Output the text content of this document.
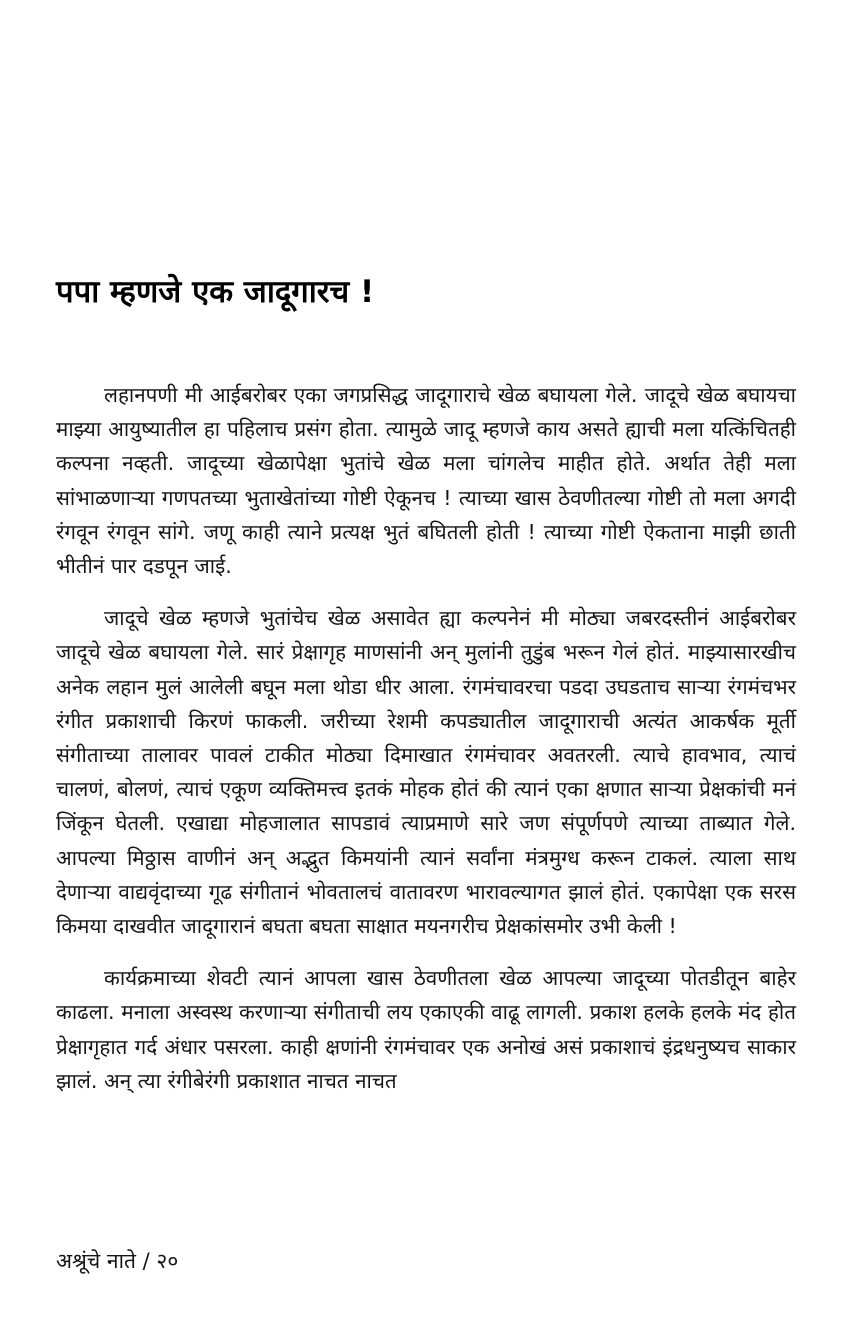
पपा म्हणजे एक जादूगारच !

लहानपणी मी आईबरोबर एका जगप्रसिद्ध जादूगाराचे खेळ बघायला गेले. जादूचे खेळ बघायचा माझ्या आयुष्यातील हा पहिलाच प्रसंग होता. त्यामुळे जादू म्हणजे काय असते ह्याची मला यत्किंचितही कल्पना नव्हती. जादूच्या खेळापेक्षा भुतांचे खेळ मला चांगलेच माहीत होते. अर्थात तेही मला सांभाळणाऱ्या गणपतच्या भुताखेतांच्या गोष्टी ऐकूनच ! त्याच्या खास ठेवणीतल्या गोष्टी तो मला अगदी रंगवून रंगवून सांगे. जणू काही त्याने प्रत्यक्ष भुतं बघितली होती ! त्याच्या गोष्टी ऐकताना माझी छाती भीतीनं पार दडपून जाई.

जादूचे खेळ म्हणजे भुतांचेच खेळ असावेत ह्या कल्पनेनं मी मोठ्या जबरदस्तीनं आईबरोबर जादूचे खेळ बघायला गेले. सारं प्रेक्षागृह माणसांनी अन् मुलांनी तुडुंब भरून गेलं होतं. माझ्यासारखीच अनेक लहान मुलं आलेली बघून मला थोडा धीर आला. रंगमंचावरचा पडदा उघडताच साऱ्या रंगमंचभर रंगीत प्रकाशाची किरणं फाकली. जरीच्या रेशमी कपड्यातील जादूगाराची अत्यंत आकर्षक मूर्ती संगीताच्या तालावर पावलं टाकीत मोठ्या दिमाखात रंगमंचावर अवतरली. त्याचे हावभाव, त्याचं चालणं, बोलणं, त्याचं एकूण व्यक्तिमत्त्व इतकं मोहक होतं की त्यानं एका क्षणात साऱ्या प्रेक्षकांची मनं जिंकून घेतली. एखाद्या मोहजालात सापडावं त्याप्रमाणे सारे जण संपूर्णपणे त्याच्या ताब्यात गेले. आपल्या मिठ्ठास वाणीनं अन् अद्भुत किमयांनी त्यानं सर्वांना मंत्रमुग्ध करून टाकलं. त्याला साथ देणाऱ्या वाद्यवृंदाच्या गूढ संगीतानं भोवतालचं वातावरण भारावल्यागत झालं होतं. एकापेक्षा एक सरस किमया दाखवीत जादूगारानं बघता बघता साक्षात मयनगरीच प्रेक्षकांसमोर उभी केली !

कार्यक्रमाच्या शेवटी त्यानं आपला खास ठेवणीतला खेळ आपल्या जादूच्या पोतडीतून बाहेर काढला. मनाला अस्वस्थ करणाऱ्या संगीताची लय एकाएकी वाढू लागली. प्रकाश हलके हलके मंद होत प्रेक्षागृहात गर्द अंधार पसरला. काही क्षणांनी रंगमंचावर एक अनोखं असं प्रकाशाचं इंद्रधनुष्यच साकार झालं. अन् त्या रंगीबेरंगी प्रकाशात नाचत नाचत

अश्रूंचे नाते / २०
